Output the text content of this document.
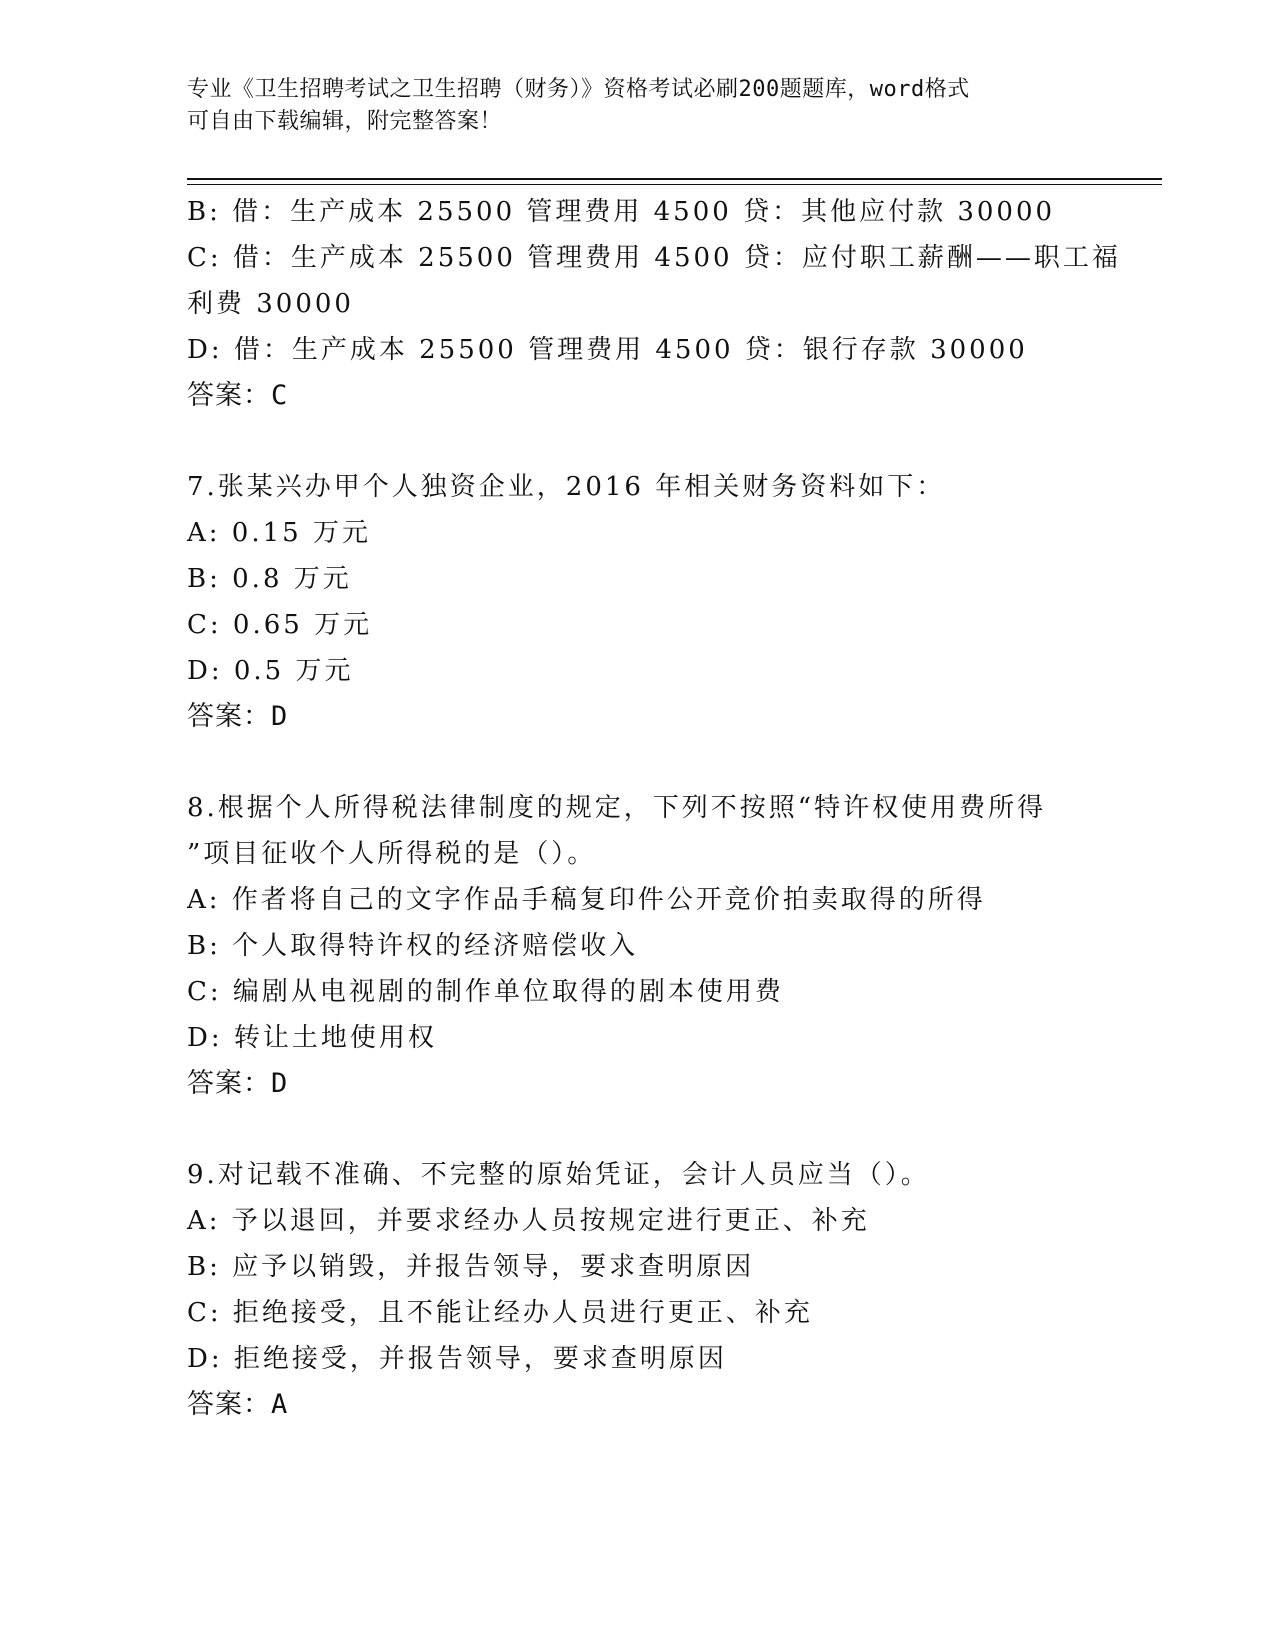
专业《卫生招聘考试之卫生招聘（财务）》资格考试必刷200题题库，word格式
可自由下载编辑，附完整答案！
B: 借：生产成本 25500 管理费用 4500 贷：其他应付款 30000
C: 借：生产成本 25500 管理费用 4500 贷：应付职工薪酬——职工福
利费 30000
D: 借：生产成本 25500 管理费用 4500 贷：银行存款 30000
答案：C
7.张某兴办甲个人独资企业，2016 年相关财务资料如下：
A: 0.15 万元
B: 0.8 万元
C: 0.65 万元
D: 0.5 万元
答案：D
8.根据个人所得税法律制度的规定，下列不按照“特许权使用费所得
”项目征收个人所得税的是（）。
A: 作者将自己的文字作品手稿复印件公开竞价拍卖取得的所得
B: 个人取得特许权的经济赔偿收入
C: 编剧从电视剧的制作单位取得的剧本使用费
D: 转让土地使用权
答案：D
9.对记载不准确、不完整的原始凭证，会计人员应当（）。
A: 予以退回，并要求经办人员按规定进行更正、补充
B: 应予以销毁，并报告领导，要求查明原因
C: 拒绝接受，且不能让经办人员进行更正、补充
D: 拒绝接受，并报告领导，要求查明原因
答案：A
